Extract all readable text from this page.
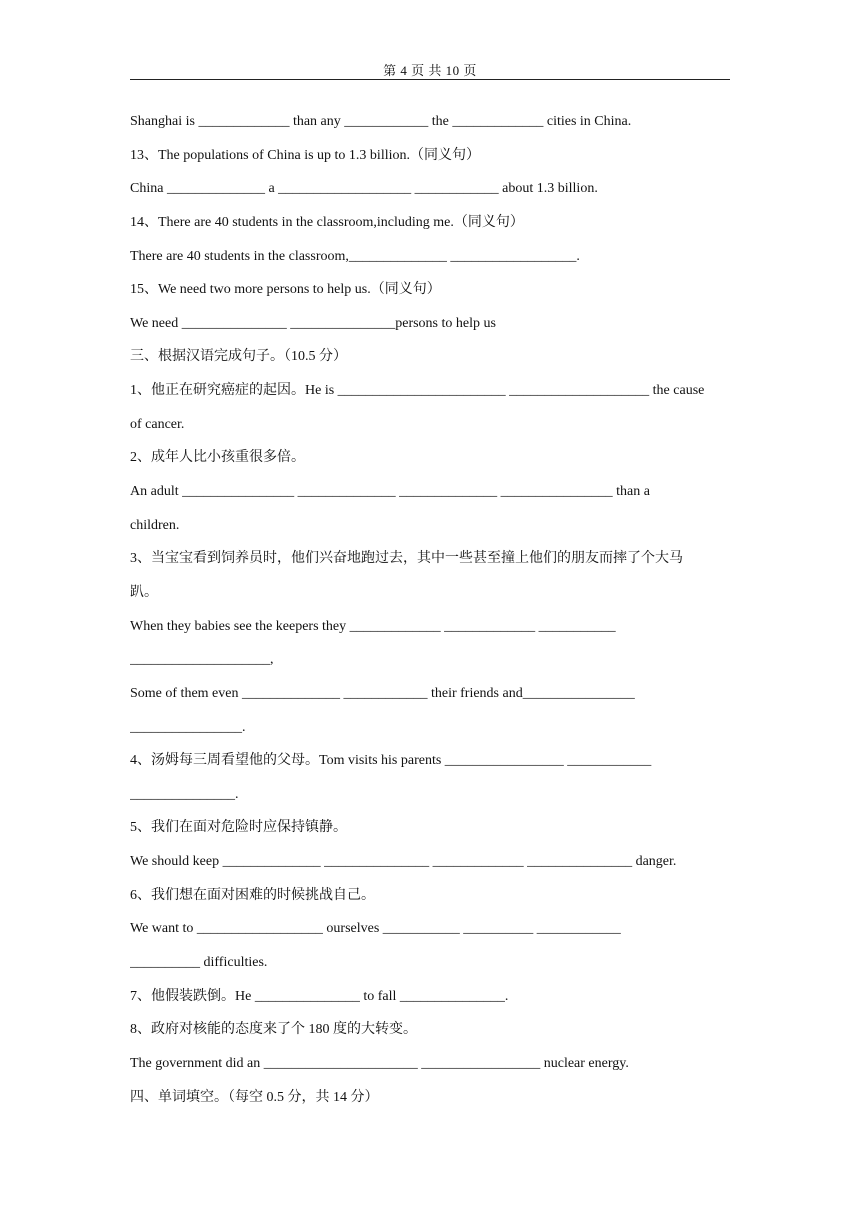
第 4 页 共 10 页
Shanghai is _____________ than any ____________ the _____________ cities in China.
13、The populations of China is up to 1.3 billion.（同义句）
China ______________ a ___________________ ____________ about 1.3 billion.
14、There are 40 students in the classroom,including me.（同义句）
There are 40 students in the classroom,______________ __________________.
15、We need two more persons to help us.（同义句）
We need _______________ _______________persons to help us
三、根据汉语完成句子。（10.5 分）
1、他正在研究癌症的起因。He is ________________________ ____________________ the cause
of cancer.
2、成年人比小孩重很多倍。
An adult ________________ ______________ ______________ ________________ than a
children.
3、当宝宝看到饲养员时，他们兴奋地跑过去，其中一些甚至撞上他们的朋友而摔了个大马
趴。
When they babies see the keepers they _____________ _____________ ___________
____________________,
Some of them even ______________ ____________ their friends and________________
________________.
4、汤姆每三周看望他的父母。Tom visits his parents _________________ ____________
_______________.
5、我们在面对危险时应保持镇静。
We should keep ______________ _______________ _____________ _______________ danger.
6、我们想在面对困难的时候挑战自己。
We want to __________________ ourselves ___________ __________ ____________
__________ difficulties.
7、他假装跌倒。He _______________ to fall _______________.
8、政府对核能的态度来了个 180 度的大转变。
The government did an ______________________ _________________ nuclear energy.
四、单词填空。（每空 0.5 分，共 14 分）
